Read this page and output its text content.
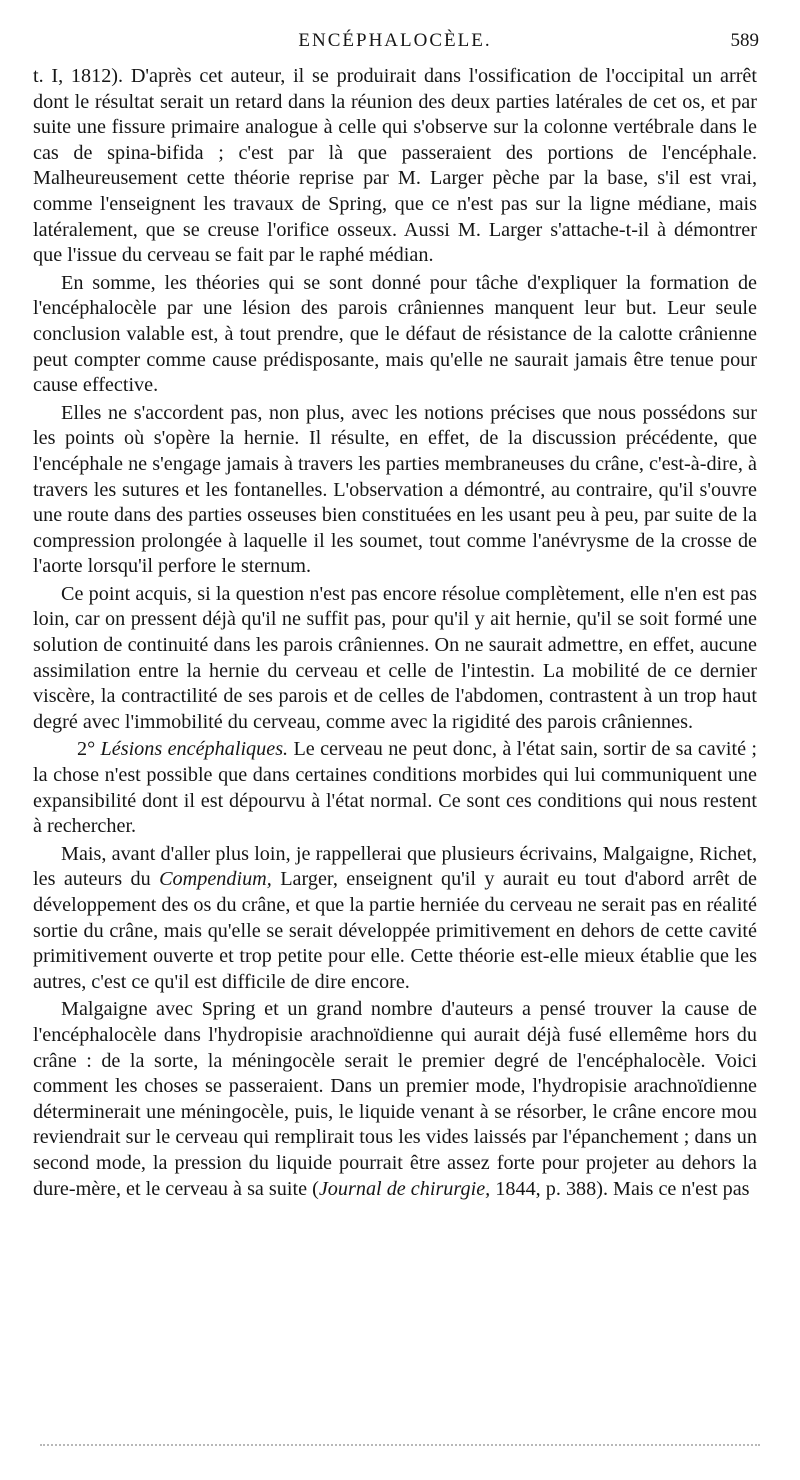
ENCÉPHALOCÈLE.	589

t. I, 1812). D'après cet auteur, il se produirait dans l'ossification de l'occipital un arrêt dont le résultat serait un retard dans la réunion des deux parties latérales de cet os, et par suite une fissure primaire analogue à celle qui s'observe sur la colonne vertébrale dans le cas de spina-bifida ; c'est par là que passeraient des portions de l'encéphale. Malheureusement cette théorie reprise par M. Larger pèche par la base, s'il est vrai, comme l'enseignent les travaux de Spring, que ce n'est pas sur la ligne médiane, mais latéralement, que se creuse l'orifice osseux. Aussi M. Larger s'attache-t-il à démontrer que l'issue du cerveau se fait par le raphé médian.

En somme, les théories qui se sont donné pour tâche d'expliquer la formation de l'encéphalocèle par une lésion des parois crâniennes manquent leur but. Leur seule conclusion valable est, à tout prendre, que le défaut de résistance de la calotte crânienne peut compter comme cause prédisposante, mais qu'elle ne saurait jamais être tenue pour cause effective.

Elles ne s'accordent pas, non plus, avec les notions précises que nous possédons sur les points où s'opère la hernie. Il résulte, en effet, de la discussion précédente, que l'encéphale ne s'engage jamais à travers les parties membraneuses du crâne, c'est-à-dire, à travers les sutures et les fontanelles. L'observation a démontré, au contraire, qu'il s'ouvre une route dans des parties osseuses bien constituées en les usant peu à peu, par suite de la compression prolongée à laquelle il les soumet, tout comme l'anévrysme de la crosse de l'aorte lorsqu'il perfore le sternum.

Ce point acquis, si la question n'est pas encore résolue complètement, elle n'en est pas loin, car on pressent déjà qu'il ne suffit pas, pour qu'il y ait hernie, qu'il se soit formé une solution de continuité dans les parois crâniennes. On ne saurait admettre, en effet, aucune assimilation entre la hernie du cerveau et celle de l'intestin. La mobilité de ce dernier viscère, la contractilité de ses parois et de celles de l'abdomen, contrastent à un trop haut degré avec l'immobilité du cerveau, comme avec la rigidité des parois crâniennes.

2° Lésions encéphaliques. Le cerveau ne peut donc, à l'état sain, sortir de sa cavité ; la chose n'est possible que dans certaines conditions morbides qui lui communiquent une expansibilité dont il est dépourvu à l'état normal. Ce sont ces conditions qui nous restent à rechercher.

Mais, avant d'aller plus loin, je rappellerai que plusieurs écrivains, Malgaigne, Richet, les auteurs du Compendium, Larger, enseignent qu'il y aurait eu tout d'abord arrêt de développement des os du crâne, et que la partie herniée du cerveau ne serait pas en réalité sortie du crâne, mais qu'elle se serait développée primitivement en dehors de cette cavité primitivement ouverte et trop petite pour elle. Cette théorie est-elle mieux établie que les autres, c'est ce qu'il est difficile de dire encore.

Malgaigne avec Spring et un grand nombre d'auteurs a pensé trouver la cause de l'encéphalocèle dans l'hydropisie arachnoïdienne qui aurait déjà fusé ellemême hors du crâne : de la sorte, la méningocèle serait le premier degré de l'encéphalocèle. Voici comment les choses se passeraient. Dans un premier mode, l'hydropisie arachnoïdienne déterminerait une méningocèle, puis, le liquide venant à se résorber, le crâne encore mou reviendrait sur le cerveau qui remplirait tous les vides laissés par l'épanchement ; dans un second mode, la pression du liquide pourrait être assez forte pour projeter au dehors la dure-mère, et le cerveau à sa suite (Journal de chirurgie, 1844, p. 388). Mais ce n'est pas
